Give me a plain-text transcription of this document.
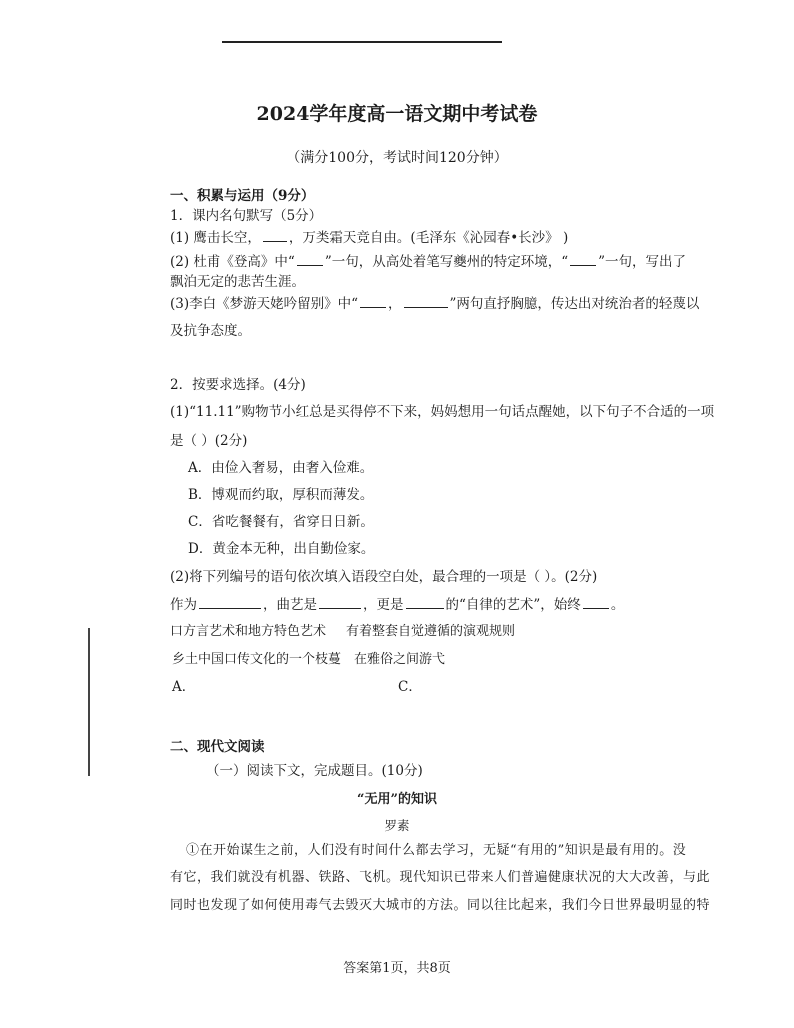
2024学年度高一语文期中考试卷
（满分100分，考试时间120分钟）
一、积累与运用（9分）
1．课内名句默写（5分）
(1) 鹰击长空， ，万类霜天竞自由。(毛泽东《沁园春•长沙》 )
(2) 杜甫《登高》中“ ”一句，从高处着笔写夔州的特定环境，“ ”一句，写出了
飘泊无定的悲苦生涯。
(3)李白《梦游天姥吟留别》中“ ，	”两句直抒胸臆，传达出对统治者的轻蔑以
及抗争态度。
2．按要求选择。(4分)
(1)“11.11”购物节小红总是买得停不下来，妈妈想用一句话点醒她，以下句子不合适的一项
是（ ）(2分)
A．由俭入奢易，由奢入俭难。
B．博观而约取，厚积而薄发。
C．省吃餐餐有，省穿日日新。
D．黄金本无种，出自勤俭家。
(2)将下列编号的语句依次填入语段空白处，最合理的一项是（ ）。(2分)
作为	，曲艺是	，更是	的“自律的艺术”，始终 。
口方言艺术和地方特色艺术 有着整套自觉遵循的演观规则
乡土中国口传文化的一个枝蔓 在雅俗之间游弋
A．	C．
二、现代文阅读
（一）阅读下文，完成题目。(10分)
“无用”的知识
罗素
①在开始谋生之前，人们没有时间什么都去学习，无疑“有用的”知识是最有用的。没
有它，我们就没有机器、铁路、飞机。现代知识已带来人们普遍健康状况的大大改善，与此
同时也发现了如何使用毒气去毁灭大城市的方法。同以往比起来，我们今日世界最明显的特
答案第1页，共8页
